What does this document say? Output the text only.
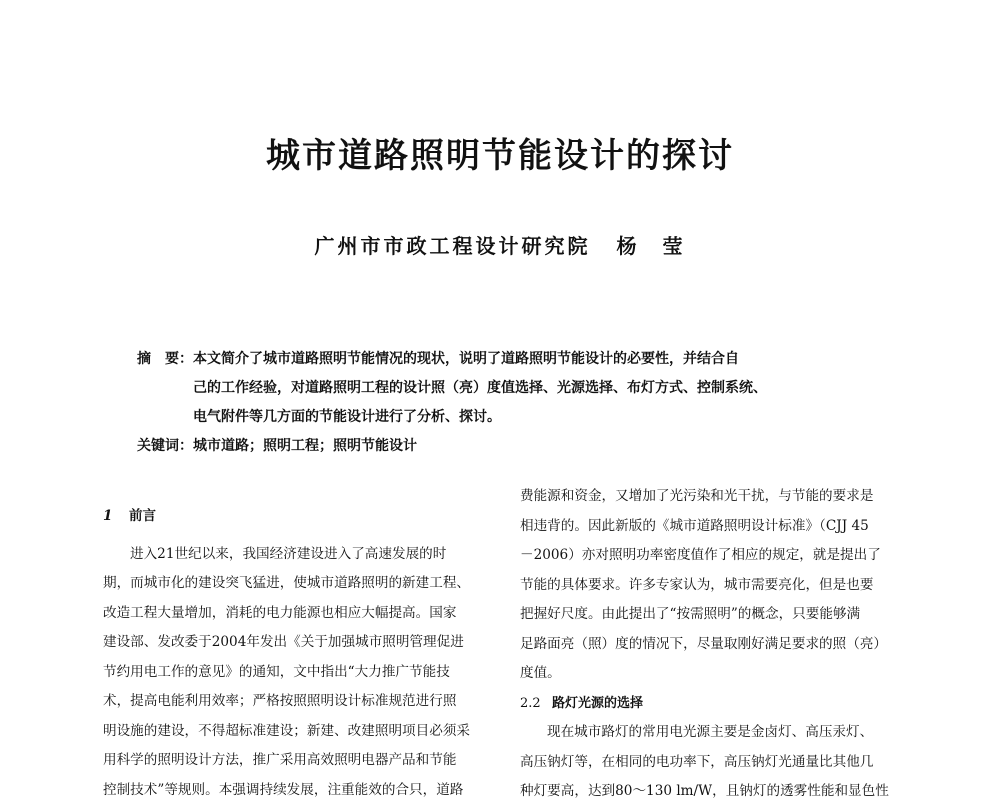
城市道路照明节能设计的探讨
广州市市政工程设计研究院 杨　莹
摘　要： 本文简介了城市道路照明节能情况的现状，说明了道路照明节能设计的必要性，并结合自
己的工作经验，对道路照明工程的设计照（亮）度值选择、光源选择、布灯方式、控制系统、
电气附件等几方面的节能设计进行了分析、探讨。
关键词： 城市道路；照明工程；照明节能设计
1 前言
进入21世纪以来，我国经济建设进入了高速发展的时
期，而城市化的建设突飞猛进，使城市道路照明的新建工程、
改造工程大量增加，消耗的电力能源也相应大幅提高。国家
建设部、发改委于2004年发出《关于加强城市照明管理促进
节约用电工作的意见》的通知，文中指出“大力推广节能技
术，提高电能利用效率；严格按照照明设计标准规范进行照
明设施的建设，不得超标准建设；新建、改建照明项目必须采
用科学的照明设计方法，推广采用高效照明电器产品和节能
控制技术”等规则。本强调持续发展，注重能效的合只，道路
费能源和资金，又增加了光污染和光干扰，与节能的要求是
相违背的。因此新版的《城市道路照明设计标准》（CJJ 45
－2006）亦对照明功率密度值作了相应的规定，就是提出了
节能的具体要求。许多专家认为，城市需要亮化，但是也要
把握好尺度。由此提出了“按需照明”的概念，只要能够满
足路面亮（照）度的情况下，尽量取刚好满足要求的照（亮）
度值。
2.2 路灯光源的选择
现在城市路灯的常用电光源主要是金卤灯、高压汞灯、
高压钠灯等，在相同的电功率下，高压钠灯光通量比其他几
种灯要高，达到80～130 lm/W，且钠灯的透雾性能和显色性
